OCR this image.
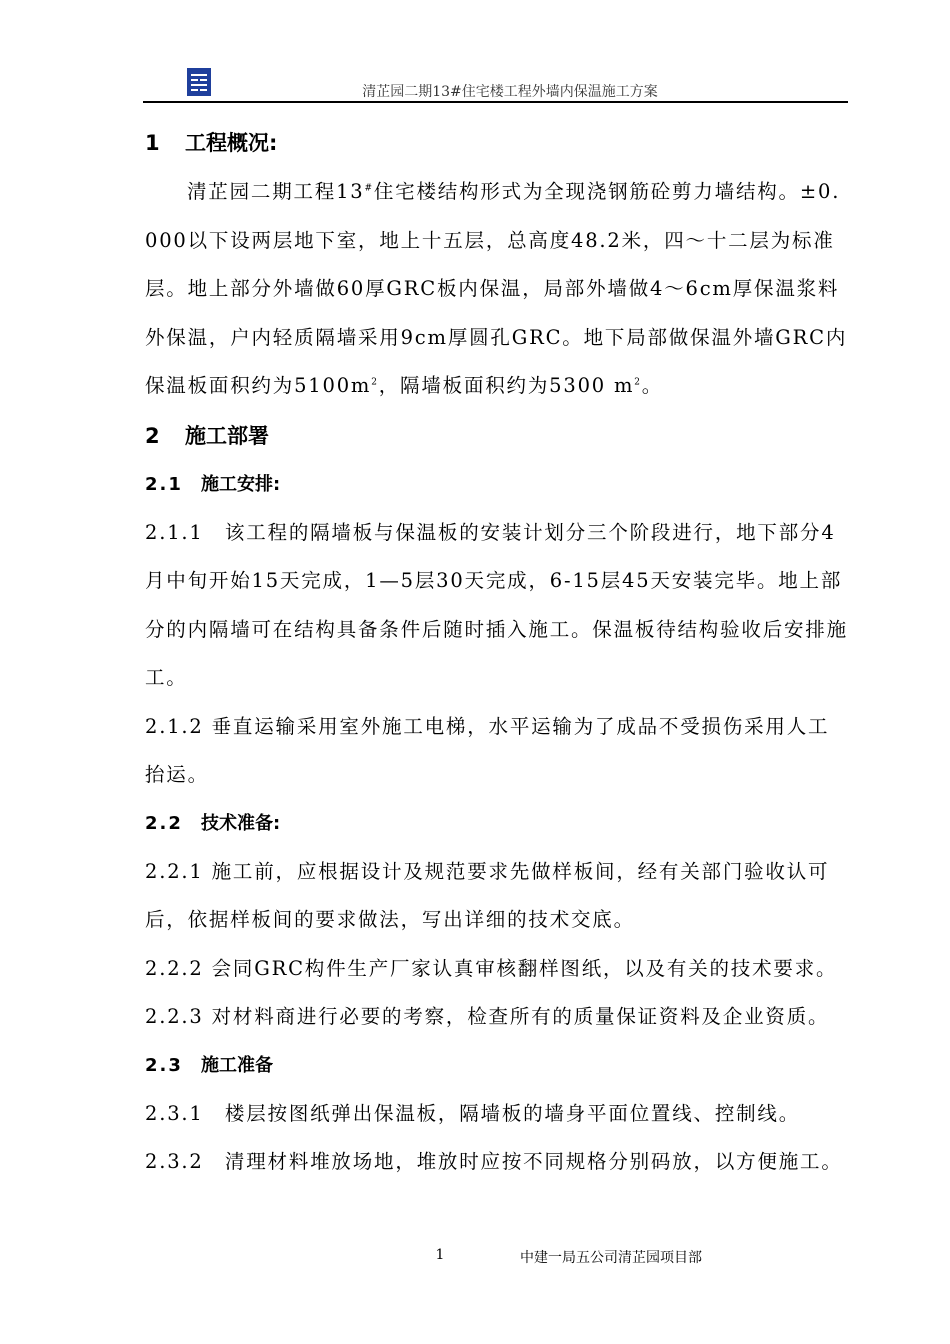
清芷园二期13#住宅楼工程外墙内保温施工方案
1 工程概况:

清芷园二期工程13#住宅楼结构形式为全现浇钢筋砼剪力墙结构。±0.000以下设两层地下室，地上十五层，总高度48.2米，四～十二层为标准层。地上部分外墙做60厚GRC板内保温，局部外墙做4～6cm厚保温浆料外保温，户内轻质隔墙采用9cm厚圆孔GRC。地下局部做保温外墙GRC内保温板面积约为$5100m^2$，隔墙板面积约为5300 $m^2$。

2 施工部署
2.1 施工安排:

2.1.1　该工程的隔墙板与保温板的安装计划分三个阶段进行，地下部分4月中旬开始15天完成，1—5层30天完成，6-15层45天安装完毕。地上部分的内隔墙可在结构具备条件后随时插入施工。保温板待结构验收后安排施工。

2.1.2 垂直运输采用室外施工电梯，水平运输为了成品不受损伤采用人工抬运。

2.2 技术准备:

2.2.1 施工前，应根据设计及规范要求先做样板间，经有关部门验收认可后，依据样板间的要求做法，写出详细的技术交底。

2.2.2 会同GRC构件生产厂家认真审核翻样图纸，以及有关的技术要求。

2.2.3 对材料商进行必要的考察，检查所有的质量保证资料及企业资质。

2.3 施工准备

2.3.1　楼层按图纸弹出保温板，隔墙板的墙身平面位置线、控制线。

2.3.2　清理材料堆放场地，堆放时应按不同规格分别码放，以方便施工。

1	中建一局五公司清芷园项目部
